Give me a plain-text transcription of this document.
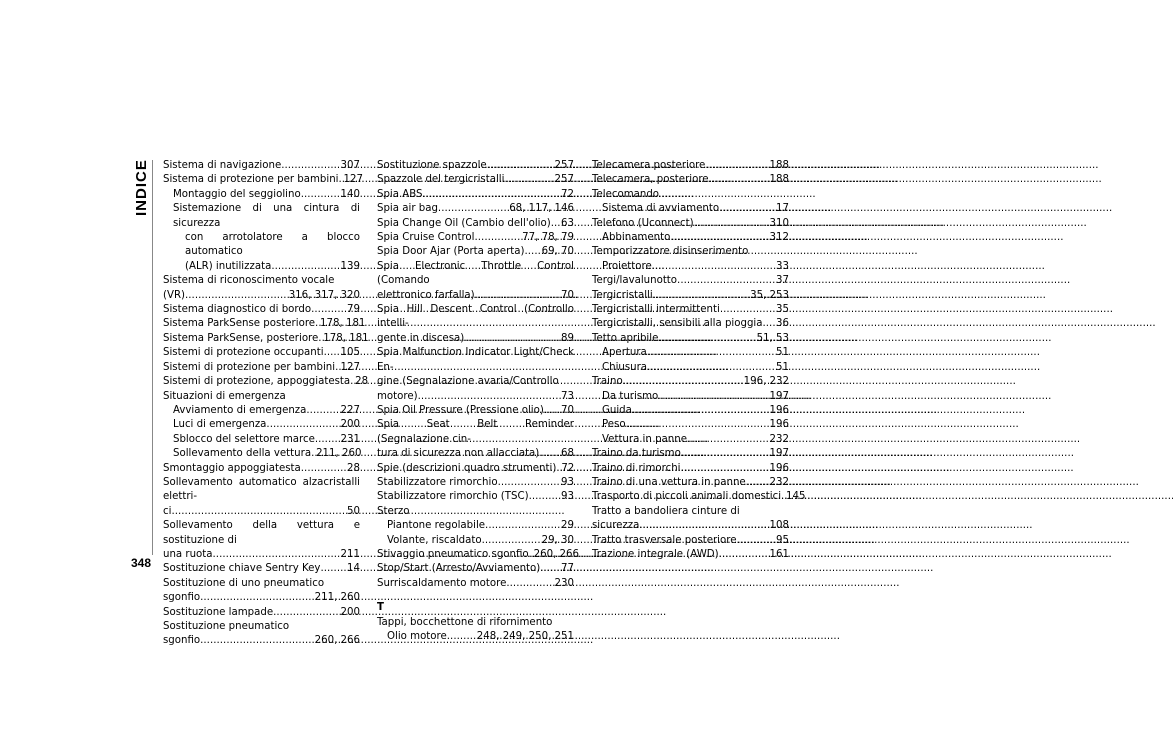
INDICE
348
Sistema di navigazione . . .	307
Sistema di protezione per bambini . . . 127
Montaggio del seggiolino . . .	140
Sistemazione di una cintura di sicurezza
con arrotolatore a blocco automatico
(ALR) inutilizzata . . .	139
Sistema di riconoscimento vocale
(VR) . . .	316, 317, 320
Sistema diagnostico di bordo . . .	79
Sistema ParkSense posteriore . . . 178, 181
Sistema ParkSense, posteriore . . . 178, 181
Sistemi di protezione occupanti . . . 105
Sistemi di protezione per bambini . . . 127
Sistemi di protezione, appoggiatesta . . . 28
Situazioni di emergenza
Avviamento di emergenza . . .	227
Luci di emergenza . . .	200
Sblocco del selettore marce . . .	231
Sollevamento della vettura . . . 211, 260
Smontaggio appoggiatesta . . .	28
Sollevamento automatico alzacristalli elettri-
ci . . .	50
Sollevamento della vettura e sostituzione di
una ruota . . .	211
Sostituzione chiave Sentry Key . . .	14
Sostituzione di uno pneumatico
sgonfio . . .	211, 260
Sostituzione lampade . . .	200
Sostituzione pneumatico
sgonfio . . .	260, 266
Sostituzione spazzole . . .	257
Spazzole del tergicristalli . . .	257
Spia ABS . . .	72
Spia air bag . . .	68, 117, 146
Spia Change Oil (Cambio dell'olio) . . . 63
Spia Cruise Control . . .	77, 78, 79
Spia Door Ajar (Porta aperta) . . . 69, 70
Spia Electronic Throttle Control (Comando
elettronico farfalla) . . .	70
Spia Hill Descent Control (Controllo intelli-
gente in discesa) . . .	89
Spia Malfunction Indicator Light/Check En-
gine (Segnalazione avaria/Controllo
motore) . . .	73
Spia Oil Pressure (Pressione olio) . . . 70
Spia Seat Belt Reminder (Segnalazione cin-
tura di sicurezza non allacciata) . . . 68
Spie (descrizioni quadro strumenti) . . . 72
Stabilizzatore rimorchio . . .	93
Stabilizzatore rimorchio (TSC) . . .	93
Sterzo
Piantone regolabile . . .	29
Volante, riscaldato . . .	29, 30
Stivaggio pneumatico sgonfio . . . 260, 266
Stop/Start (Arresto/Avviamento) . . . 77
Surriscaldamento motore . . .	230
T
Tappi, bocchettone di rifornimento
Olio motore . . .	248, 249, 250, 251
Telecamera posteriore . . .	188
Telecamera, posteriore . . .	188
Telecomando
Sistema di avviamento . . .	17
Telefono (Uconnect) . . .	310
Abbinamento . . .	312
Temporizzatore disinserimento
Proiettore . . .	33
Tergi/lavalunotto . . .	37
Tergicristalli . . .	35, 253
Tergicristalli intermittenti . . .	35
Tergicristalli, sensibili alla pioggia . . . 36
Tetto apribile . . .	51, 53
Apertura . . .	51
Chiusura . . .	51
Traino . . .	196, 232
Da turismo . . .	197
Guida . . .	196
Peso . . .	196
Vettura in panne . . .	232
Traino da turismo . . .	197
Traino di rimorchi . . .	196
Traino di una vettura in panne . . . 232
Trasporto di piccoli animali domestici . . . 145
Tratto a bandoliera cinture di
sicurezza . . .	108
Tratto trasversale posteriore . . .	95
Trazione integrale (AWD) . . .	161
